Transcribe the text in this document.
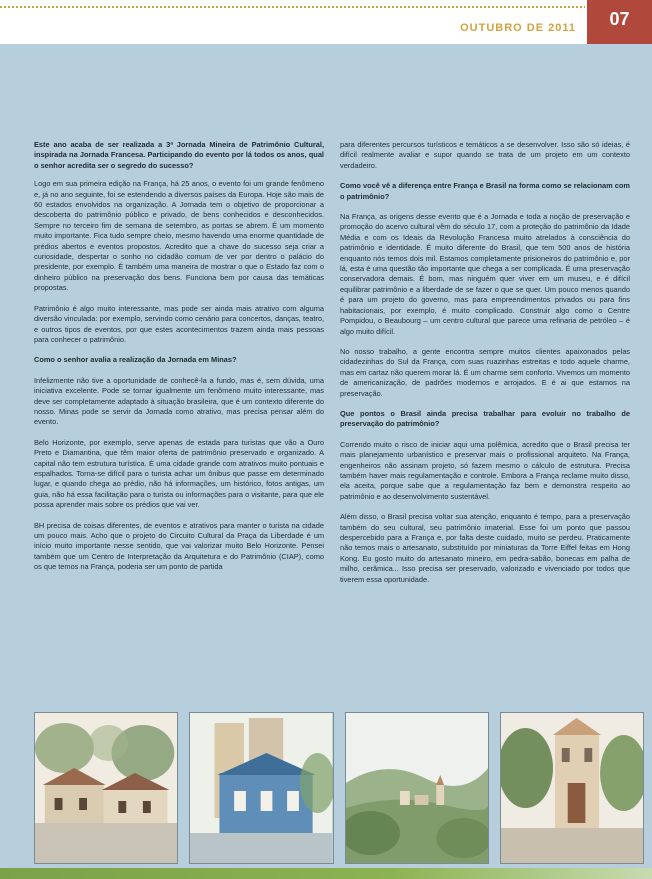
OUTUBRO DE 2011	07

Este ano acaba de ser realizada a 3ª Jornada Mineira de Patrimônio Cultural, inspirada na Jornada Francesa. Participando do evento por lá todos os anos, qual o senhor acredita ser o segredo do sucesso?

Logo em sua primeira edição na França, há 25 anos, o evento foi um grande fenômeno e, já no ano seguinte, foi se estendendo a diversos países da Europa. Hoje são mais de 60 estados envolvidos na organização. A Jornada tem o objetivo de proporcionar a descoberta do patrimônio público e privado, de bens conhecidos e desconhecidos. Sempre no terceiro fim de semana de setembro, as portas se abrem. É um momento muito importante. Fica tudo sempre cheio, mesmo havendo uma enorme quantidade de prédios abertos e eventos propostos. Acredito que a chave do sucesso seja criar a curiosidade, despertar o sonho no cidadão comum de ver por dentro o palácio do presidente, por exemplo. É também uma maneira de mostrar o que o Estado faz com o dinheiro público na preservação dos bens. Funciona bem por causa das temáticas propostas.

Patrimônio é algo muito interessante, mas pode ser ainda mais atrativo com alguma diversão vinculada: por exemplo, servindo como cenário para concertos, danças, teatro, e outros tipos de eventos, por que estes acontecimentos trazem ainda mais pessoas para conhecer o patrimônio.

Como o senhor avalia a realização da Jornada em Minas?

Infelizmente não tive a oportunidade de conhecê-la a fundo, mas é, sem dúvida, uma iniciativa excelente. Pode se tornar igualmente um fenômeno muito interessante, mas deve ser completamente adaptado à situação brasileira, que é um contexto diferente do nosso. Minas pode se servir da Jornada como atrativo, mas precisa pensar além do evento.

Belo Horizonte, por exemplo, serve apenas de estada para turistas que vão a Ouro Preto e Diamantina, que têm maior oferta de patrimônio preservado e organizado. A capital não tem estrutura turística. É uma cidade grande com atrativos muito pontuais e espalhados. Torna-se difícil para o turista achar um ônibus que passe em determinado lugar, e quando chega ao prédio, não há informações, um histórico, fotos antigas, um guia, não há essa facilitação para o turista ou informações para o visitante, para que ele possa aprender mais sobre os prédios que vai ver.

BH precisa de coisas diferentes, de eventos e atrativos para manter o turista na cidade um pouco mais. Acho que o projeto do Circuito Cultural da Praça da Liberdade é um início muito importante nesse sentido, que vai valorizar muito Belo Horizonte. Pensei também que um Centro de Interpretação da Arquitetura e do Patrimônio (CIAP), como os que temos na França, poderia ser um ponto de partida

para diferentes percursos turísticos e temáticos a se desenvolver. Isso são só ideias, é difícil realmente avaliar e supor quando se trata de um projeto em um contexto verdadeiro.

Como você vê a diferença entre França e Brasil na forma como se relacionam com o patrimônio?

Na França, as origens desse evento que é a Jornada e toda a noção de preservação e promoção do acervo cultural vêm do século 17, com a proteção do patrimônio da Idade Média e com os Ideais da Revolução Francesa muito atrelados à consciência do patrimônio e identidade. É muito diferente do Brasil, que tem 500 anos de história enquanto nós temos dois mil. Estamos completamente prisioneiros do patrimônio e, por lá, esta é uma questão tão importante que chega a ser complicada. É uma preservação conservadora demais. É bom, mas ninguém quer viver em um museu, e é difícil equilibrar patrimônio e a liberdade de se fazer o que se quer. Um pouco menos quando é para um projeto do governo, mas para empreendimentos privados ou para fins habitacionais, por exemplo, é muito complicado. Construir algo como o Centre Pompidou, o Beaubourg – um centro cultural que parece uma refinaria de petróleo – é algo muito difícil.

No nosso trabalho, a gente encontra sempre muitos clientes apaixonados pelas cidadezinhas do Sul da França, com suas ruazinhas estreitas e todo aquele charme, mas em cartaz não querem morar lá. É um charme sem conforto. Vivemos um momento de americanização, de padrões modernos e arrojados. E é ai que estamos na preservação.

Que pontos o Brasil ainda precisa trabalhar para evoluir no trabalho de preservação do patrimônio?

Correndo muito o risco de iniciar aqui uma polêmica, acredito que o Brasil precisa ter mais planejamento urbanístico e preservar mais o profissional arquiteto. Na França, engenheiros não assinam projeto, só fazem mesmo o cálculo de estrutura. Precisa também haver mais regulamentação e controle. Embora a França reclame muito disso, ela aceita, porque sabe que a regulamentação faz bem e demonstra respeito ao patrimônio e ao desenvolvimento sustentável.

Além disso, o Brasil precisa voltar sua atenção, enquanto é tempo, para a preservação também do seu cultural, seu patrimônio imaterial. Esse foi um ponto que passou despercebido para a França e, por falta deste cuidado, muito se perdeu. Praticamente não temos mais o artesanato, substituído por miniaturas da Torre Eiffel feitas em Hong Kong. Eu gosto muito do artesanato mineiro, em pedra-sabão, bonecas em palha de milho, cerâmica... Isso precisa ser preservado, valorizado e vivenciado por todos que tiverem essa oportunidade.
